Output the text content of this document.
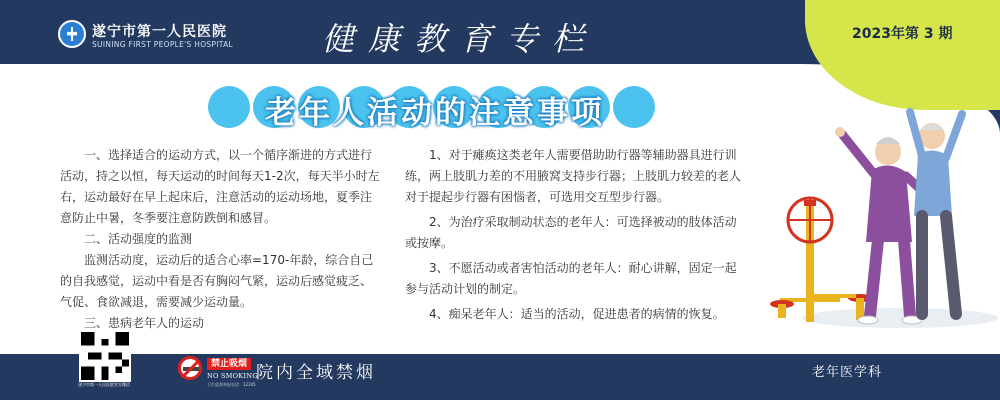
遂宁市第一人民医院
SUINING FIRST PEOPLE'S HOSPITAL	健康教育专栏	2023年第 3 期
老年人活动的注意事项

一、选择适合的运动方式，以一个循序渐进的方式进行活动，持之以恒，每天运动的时间每天1-2次，每天半小时左右，运动最好在早上起床后，注意活动的运动场地，夏季注意防止中暑，冬季要注意防跌倒和感冒。

二、活动强度的监测

监测活动度，运动后的适合心率=170-年龄，综合自己的自我感觉，运动中看是否有胸闷气紧，运动后感觉疲乏、气促、食欲减退，需要减少运动量。

三、患病老年人的运动

1、对于瘫痪这类老年人需要借助助行器等辅助器具进行训练，两上肢肌力差的不用腋窝支持步行器；上肢肌力较差的老人对于提起步行器有困惱者，可选用交互型步行器。

2、为治疗采取制动状态的老年人：可选择被动的肢体活动或按摩。

3、不愿活动或者害怕活动的老年人：耐心讲解，固定一起参与活动计划的制定。

4、痴呆老年人：适当的活动，促进患者的病情的恢复。

遂宁市第一人民医院官方微信
禁止吸烟
NO SMOKING
卫生监督举报电话：12345
院内全域禁烟	老年医学科
